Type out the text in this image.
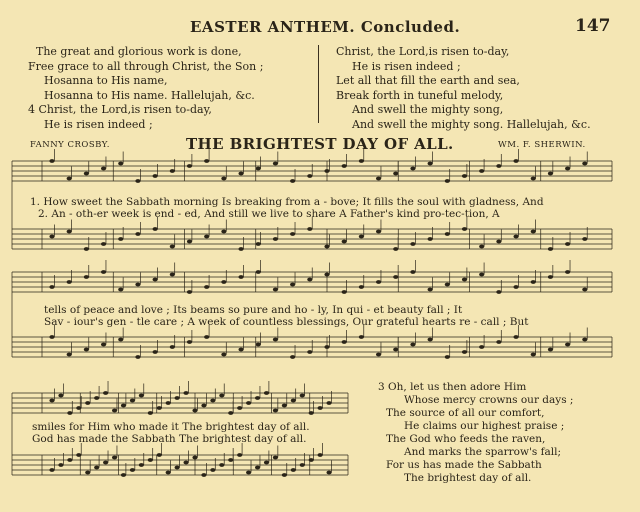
EASTER ANTHEM. Concluded.	147
The great and glorious work is done,
Free grace to all through Christ, the Son ;
Hosanna to His name,
Hosanna to His name. Hallelujah, &c.
4 Christ, the Lord,is risen to-day,
He is risen indeed ;
Christ, the Lord,is risen to-day,
He is risen indeed ;
Let all that fill the earth and sea,
Break forth in tuneful melody,
And swell the mighty song,
And swell the mighty song. Hallelujah, &c.
FANNY CROSBY.	THE BRIGHTEST DAY OF ALL.	WM. F. SHERWIN.
1. How sweet the Sabbath morning Is breaking from a - bove; It fills the soul with gladness, And
2. An - oth-er week is end - ed, And still we live to share A Father's kind pro-tec-tion, A
tells of peace and love ; Its beams so pure and ho - ly, In qui - et beauty fall ; It
Sav - iour's gen - tle care ; A week of countless blessings, Our grateful hearts re - call ; But
smiles for Him who made it The brightest day of all.
God has made the Sabbath The brightest day of all.
3 Oh, let us then adore Him
Whose mercy crowns our days ;
The source of all our comfort,
He claims our highest praise ;
The God who feeds the raven,
And marks the sparrow's fall;
For us has made the Sabbath
The brightest day of all.
